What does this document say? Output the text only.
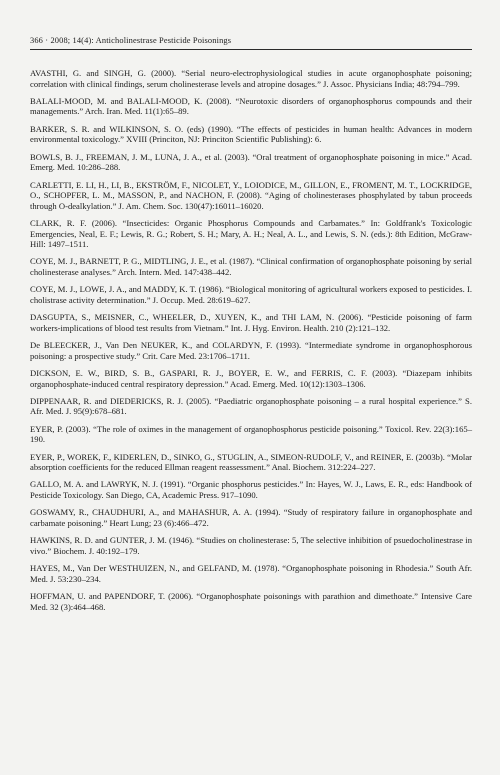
366 · 2008; 14(4): Anticholinestrase Pesticide Poisonings

AVASTHI, G. and SINGH, G. (2000). “Serial neuro-electrophysiological studies in acute organophosphate poisoning; correlation with clinical findings, serum cholinesterase levels and atropine dosages.” J. Assoc. Physicians India; 48:794–799.

BALALI-MOOD, M. and BALALI-MOOD, K. (2008). “Neurotoxic disorders of organophosphorus compounds and their managements.” Arch. Iran. Med. 11(1):65–89.

BARKER, S. R. and WILKINSON, S. O. (eds) (1990). “The effects of pesticides in human health: Advances in modern environmental toxicology.” XVIII (Princiton, NJ: Princiton Scientific Publishing): 6.

BOWLS, B. J., FREEMAN, J. M., LUNA, J. A., et al. (2003). “Oral treatment of organophosphate poisoning in mice.” Acad. Emerg. Med. 10:286–288.

CARLETTI, E. LI, H., LI, B., EKSTRÖM, F., NICOLET, Y., LOIODICE, M., GILLON, E., FROMENT, M. T., LOCKRIDGE, O., SCHOPFER, L. M., MASSON, P., and NACHON, F. (2008). “Aging of cholinesterases phosphylated by tabun proceeds through O-dealkylation.” J. Am. Chem. Soc. 130(47):16011–16020.

CLARK, R. F. (2006). “Insecticides: Organic Phosphorus Compounds and Carbamates.” In: Goldfrank's Toxicologic Emergencies, Neal, E. F.; Lewis, R. G.; Robert, S. H.; Mary, A. H.; Neal, A. L., and Lewis, S. N. (eds.): 8th Edition, McGraw-Hill: 1497–1511.

COYE, M. J., BARNETT, P. G., MIDTLING, J. E., et al. (1987). “Clinical confirmation of organophosphate poisoning by serial cholinesterase analyses.” Arch. Intern. Med. 147:438–442.

COYE, M. J., LOWE, J. A., and MADDY, K. T. (1986). “Biological monitoring of agricultural workers exposed to pesticides. I. cholistrase activity determination.” J. Occup. Med. 28:619–627.

DASGUPTA, S., MEISNER, C., WHEELER, D., XUYEN, K., and THI LAM, N. (2006). “Pesticide poisoning of farm workers-implications of blood test results from Vietnam.” Int. J. Hyg. Environ. Health. 210 (2):121–132.

De BLEECKER, J., Van Den NEUKER, K., and COLARDYN, F. (1993). “Intermediate syndrome in organophosphorous poisoning: a prospective study.” Crit. Care Med. 23:1706–1711.

DICKSON, E. W., BIRD, S. B., GASPARI, R. J., BOYER, E. W., and FERRIS, C. F. (2003). “Diazepam inhibits organophosphate-induced central respiratory depression.” Acad. Emerg. Med. 10(12):1303–1306.

DIPPENAAR, R. and DIEDERICKS, R. J. (2005). “Paediatric organophosphate poisoning – a rural hospital experience.” S. Afr. Med. J. 95(9):678–681.

EYER, P. (2003). “The role of oximes in the management of organophosphorus pesticide poisoning.” Toxicol. Rev. 22(3):165–190.

EYER, P., WOREK, F., KIDERLEN, D., SINKO, G., STUGLIN, A., SIMEON-RUDOLF, V., and REINER, E. (2003b). “Molar absorption coefficients for the reduced Ellman reagent reassessment.” Anal. Biochem. 312:224–227.

GALLO, M. A. and LAWRYK, N. J. (1991). “Organic phosphorus pesticides.” In: Hayes, W. J., Laws, E. R., eds: Handbook of Pesticide Toxicology. San Diego, CA, Academic Press. 917–1090.

GOSWAMY, R., CHAUDHURI, A., and MAHASHUR, A. A. (1994). “Study of respiratory failure in organophosphate and carbamate poisoning.” Heart Lung; 23 (6):466–472.

HAWKINS, R. D. and GUNTER, J. M. (1946). “Studies on cholinesterase: 5, The selective inhibition of psuedocholinestrase in vivo.” Biochem. J. 40:192–179.

HAYES, M., Van Der WESTHUIZEN, N., and GELFAND, M. (1978). “Organophosphate poisoning in Rhodesia.” South Afr. Med. J. 53:230–234.

HOFFMAN, U. and PAPENDORF, T. (2006). “Organophosphate poisonings with parathion and dimethoate.” Intensive Care Med. 32 (3):464–468.
